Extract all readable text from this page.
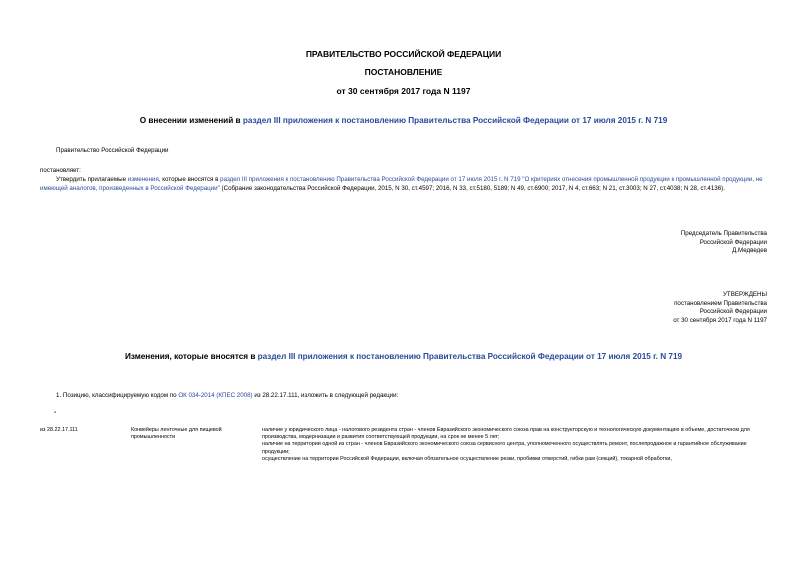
ПРАВИТЕЛЬСТВО РОССИЙСКОЙ ФЕДЕРАЦИИ
ПОСТАНОВЛЕНИЕ
от 30 сентября 2017 года N 1197
О внесении изменений в раздел III приложения к постановлению Правительства Российской Федерации от 17 июля 2015 г. N 719
Правительство Российской Федерации
постановляет:
Утвердить прилагаемые изменения, которые вносятся в раздел III приложения к постановлению Правительства Российской Федерации от 17 июля 2015 г. N 719 "О критериях отнесения промышленной продукции к промышленной продукции, не имеющей аналогов, произведенных в Российской Федерации" (Собрание законодательства Российской Федерации, 2015, N 30, ст.4597; 2016, N 33, ст.5180, 5189; N 49, ст.6900; 2017, N 4, ст.663; N 21, ст.3003; N 27, ст.4038; N 28, ст.4136).

Председатель Правительства

Российской Федерации

Д.Медведев

УТВЕРЖДЕНЫ

постановлением Правительства

Российской Федерации

от 30 сентября 2017 года N 1197

Изменения, которые вносятся в раздел III приложения к постановлению Правительства Российской Федерации от 17 июля 2015 г. N 719
1. Позицию, классифицируемую кодом по ОК 034-2014 (КПЕС 2008) из 28.22.17.111, изложить в следующей редакции:
"
из 28.22.17.111	Конвейеры ленточные для пищевой промышленности

наличие у юридического лица - налогового резидента стран - членов Евразийского экономического союза прав на конструкторскую и технологическую документацию в объеме, достаточном для производства, модернизации и развития соответствующей продукции, на срок не менее 5 лет;

наличие на территории одной из стран - членов Евразийского экономического союза сервисного центра, уполномоченного осуществлять ремонт, послепродажное и гарантийное обслуживание продукции;

осуществление на территории Российской Федерации, включая обязательное осуществление резки, пробивки отверстий, гибки рам (секций), токарной обработки,
